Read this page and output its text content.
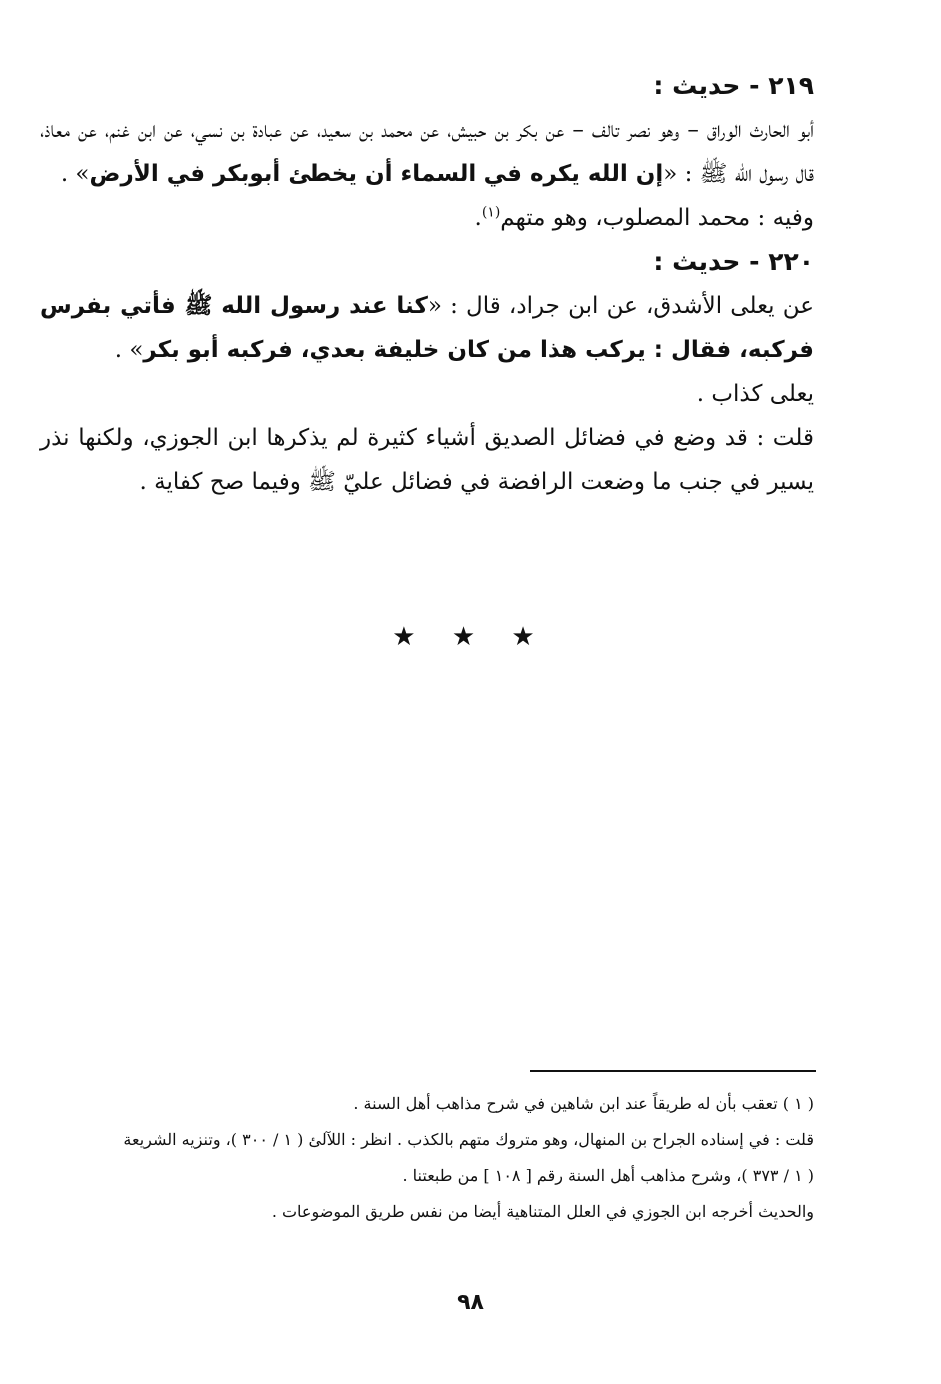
٢١٩ - حديث :

أبو الحارث الوراق – وهو نصر تالف – عن بكر بن حبيش، عن محمد بن سعيد، عن عبادة بن نسي، عن ابن غنم، عن معاذ، قال رسول الله ﷺ : «إن الله يكره في السماء أن يخطئ أبوبكر في الأرض» .

وفيه : محمد المصلوب، وهو متهم$^{(١)}$.

٢٢٠ - حديث :

عن يعلى الأشدق، عن ابن جراد، قال : «كنا عند رسول الله ﷺ فأتي بفرس فركبه، فقال : يركب هذا من كان خليفة بعدي، فركبه أبو بكر» .

يعلى كذاب .

قلت : قد وضع في فضائل الصديق أشياء كثيرة لم يذكرها ابن الجوزي، ولكنها نذر يسير في جنب ما وضعت الرافضة في فضائل عليّ ﷺ وفيما صح كفاية .

★ ★ ★

( ١ ) تعقب بأن له طريقاً عند ابن شاهين في شرح مذاهب أهل السنة .

قلت : في إسناده الجراح بن المنهال، وهو متروك متهم بالكذب . انظر : اللآلئ ( ١ / ٣٠٠ )، وتنزيه الشريعة

( ١ / ٣٧٣ )، وشرح مذاهب أهل السنة رقم [ ١٠٨ ] من طبعتنا .

والحديث أخرجه ابن الجوزي في العلل المتناهية أيضا من نفس طريق الموضوعات .

٩٨
